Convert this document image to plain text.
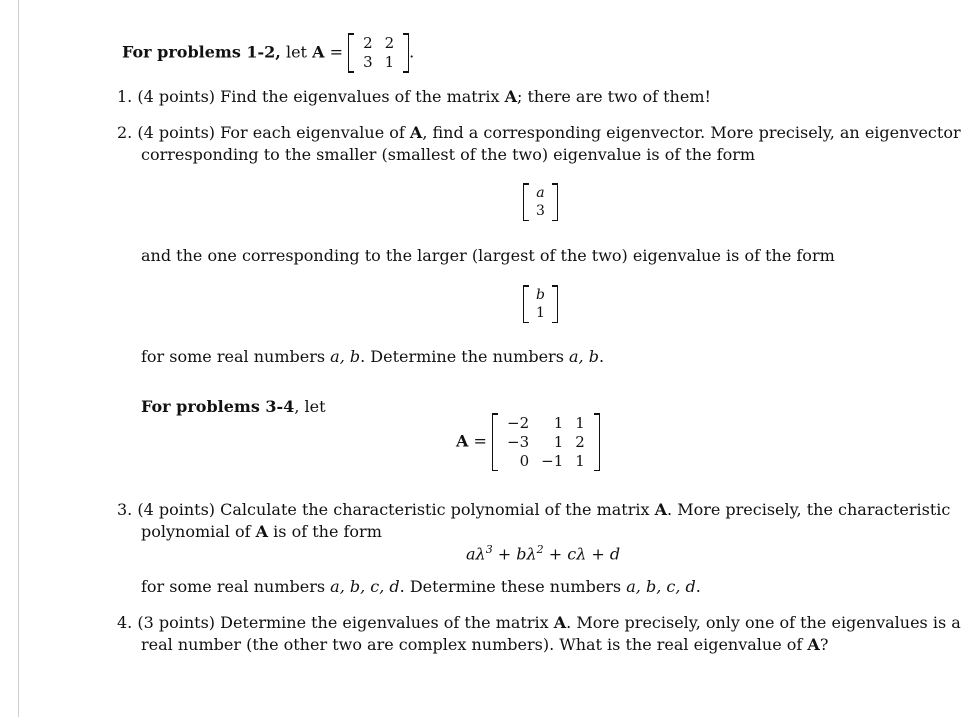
For problems 1-2, let A = 2	2
3	1
.
1. (4 points) Find the eigenvalues of the matrix A; there are two of them!
2. (4 points) For each eigenvalue of A, find a corresponding eigenvector. More precisely, an eigenvector
corresponding to the smaller (smallest of the two) eigenvalue is of the form
a
3
and the one corresponding to the larger (largest of the two) eigenvalue is of the form
b
1
for some real numbers a, b. Determine the numbers a, b.
For problems 3-4, let
A =
−2	1	1
−3	1	2
0	−1	1
3. (4 points) Calculate the characteristic polynomial of the matrix A. More precisely, the characteristic
polynomial of A is of the form
$a\lambda^3 + b\lambda^2 + c\lambda + d$
for some real numbers a, b, c, d. Determine these numbers a, b, c, d.
4. (3 points) Determine the eigenvalues of the matrix A. More precisely, only one of the eigenvalues is a
real number (the other two are complex numbers). What is the real eigenvalue of A?
